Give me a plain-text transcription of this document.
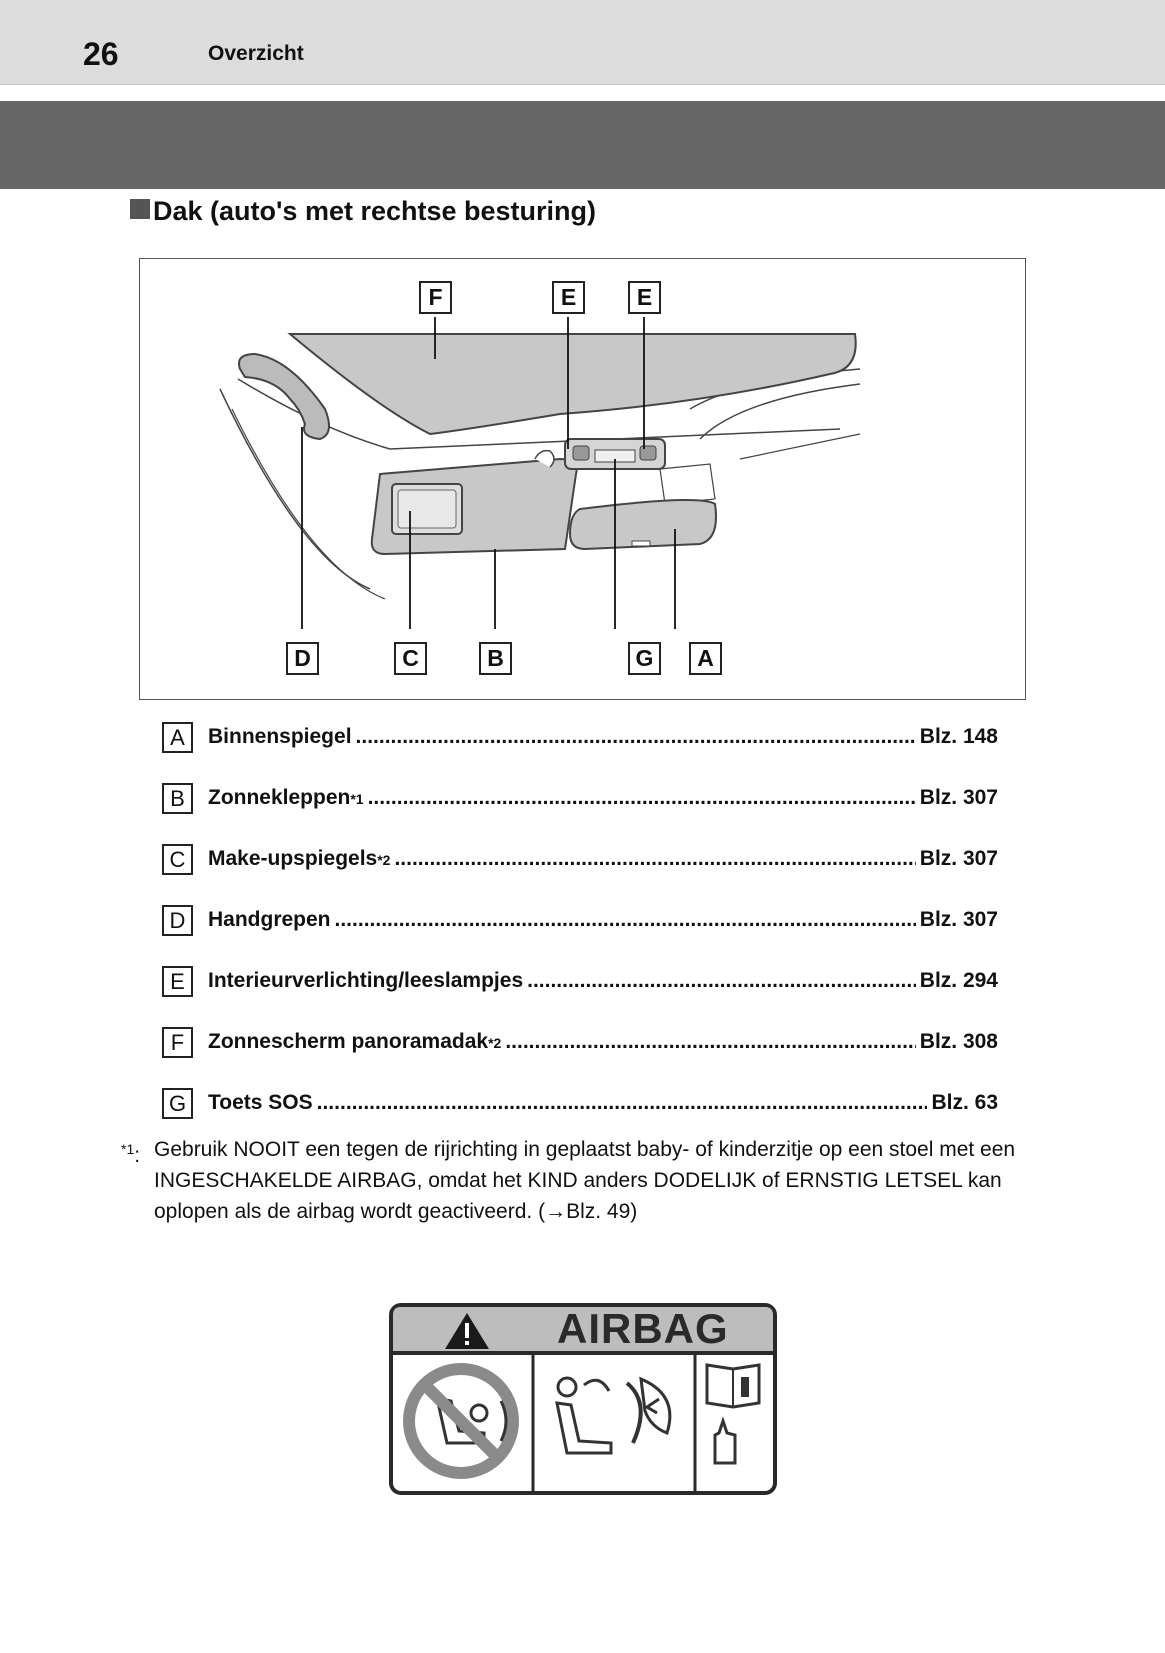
26	Overzicht
Dak (auto's met rechtse besturing)
F	E	E
D	C	B	G	A
A	Binnenspiegel .....	Blz. 148
B	Zonnekleppen *1 .....	Blz. 307
C	Make-upspiegels *2 .....	Blz. 307
D	Handgrepen .....	Blz. 307
E	Interieurverlichting/leeslampjes .....	Blz. 294
F	Zonnescherm panoramadak *2 .....	Blz. 308
G	Toets SOS .....	Blz. 63
$^{*1}$: Gebruik NOOIT een tegen de rijrichting in geplaatst baby- of kinderzitje op een stoel met een INGESCHAKELDE AIRBAG, omdat het KIND anders DODELIJK of ERNSTIG LETSEL kan oplopen als de airbag wordt geactiveerd. (→Blz. 49)
AIRBAG
